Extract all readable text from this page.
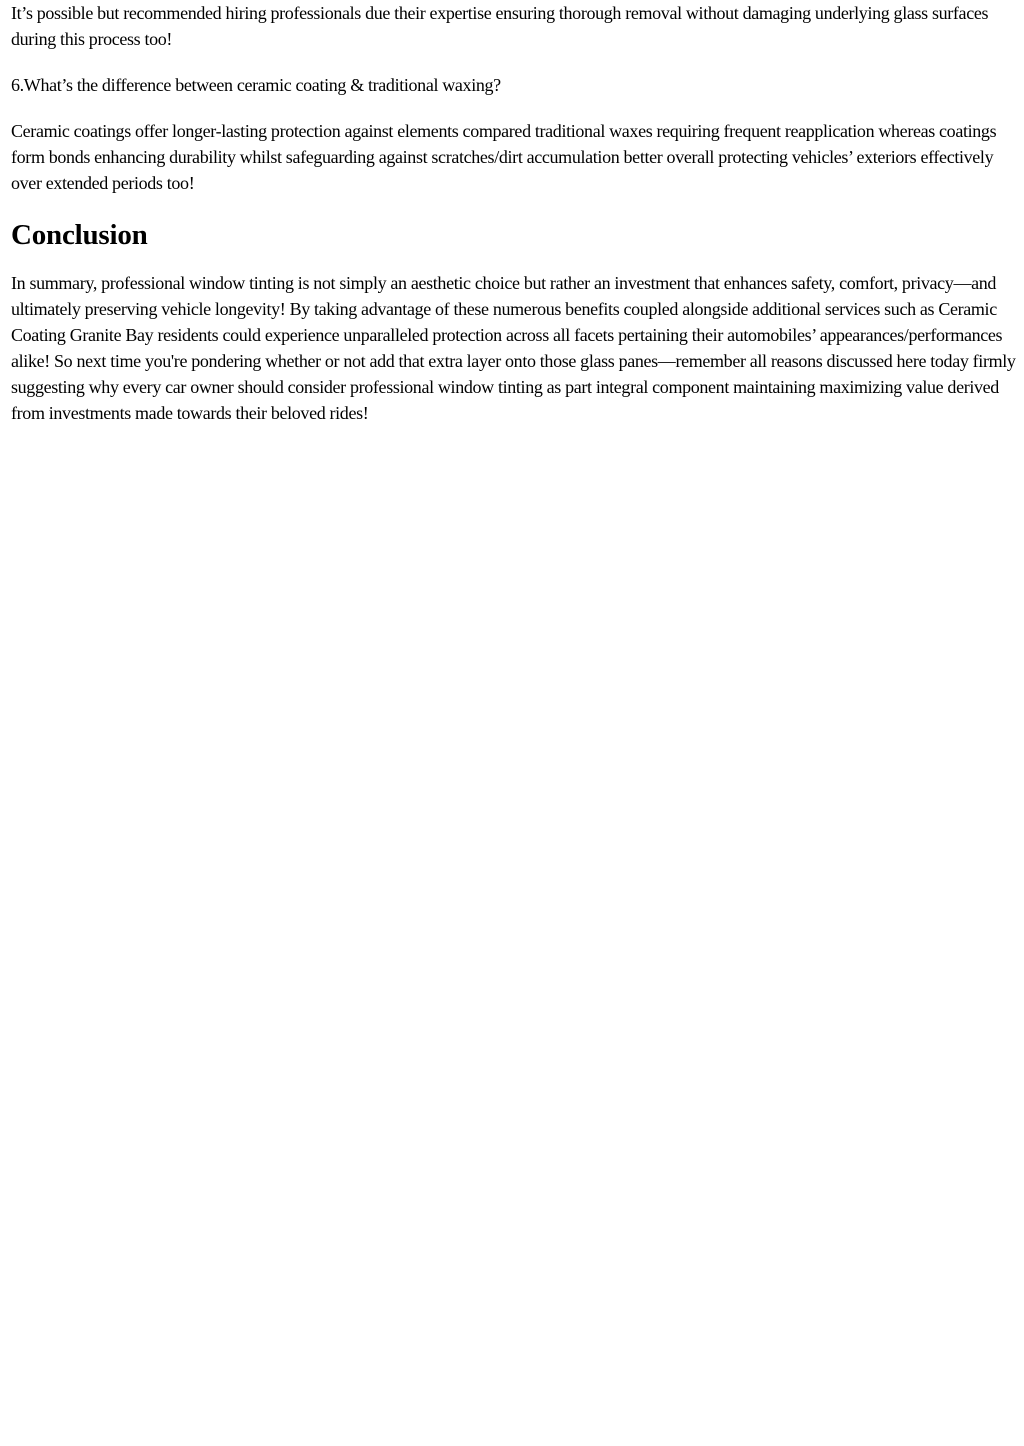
It’s possible but recommended hiring professionals due their expertise ensuring thorough removal without damaging underlying glass surfaces during this process too!

6.What’s the difference between ceramic coating & traditional waxing?

Ceramic coatings offer longer-lasting protection against elements compared traditional waxes requiring frequent reapplication whereas coatings form bonds enhancing durability whilst safeguarding against scratches/dirt accumulation better overall protecting vehicles’ exteriors effectively over extended periods too!

Conclusion

In summary, professional window tinting is not simply an aesthetic choice but rather an investment that enhances safety, comfort, privacy—and ultimately preserving vehicle longevity! By taking advantage of these numerous benefits coupled alongside additional services such as Ceramic Coating Granite Bay residents could experience unparalleled protection across all facets pertaining their automobiles’ appearances/performances alike! So next time you're pondering whether or not add that extra layer onto those glass panes—remember all reasons discussed here today firmly suggesting why every car owner should consider professional window tinting as part integral component maintaining maximizing value derived from investments made towards their beloved rides!
